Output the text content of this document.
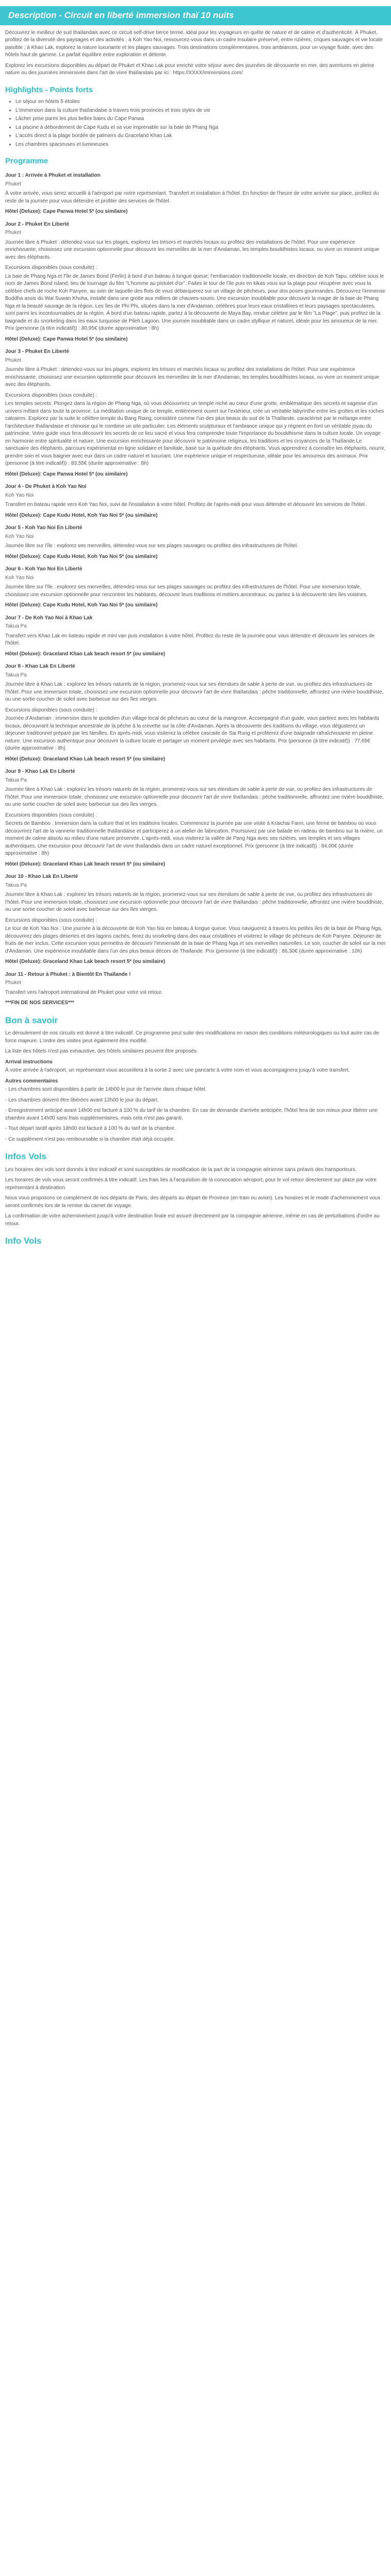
Description - Circuit en liberté immersion thaï 10 nuits

Découvrez le meilleur de sud thaïlandais avec ce circuit self-drive tierce terme, idéal pour les voyageurs en quête de nature et de calme et d'authenticité. À Phuket, profitez de la diversité des paysages et des activités ; à Koh Yao Noi, ressourcez-vous dans un cadre insulaire préservé, entre rizières, criques sauvages et vie locale paisible ; à Khao Lak, explorez la nature luxuriante et les plages sauvages. Trois destinations complémentaires, trois ambiances, pour un voyage fluide, avec des hôtels haut de gamme. Le parfait équilibre entre exploration et détente.

Explorez les excursions disponibles au départ de Phuket et Khao Lak pour enrichir votre séjour avec des journées de découverte en mer, des aventures en pleine nature ou des journées immersives dans l'art de vivre thaïlandais par ici : https://XXXX/immersions.com/

Highlights - Points forts
• Le séjour en hôtels 5 étoiles
• L'immersion dans la culture thaïlandaise à travers trois provinces et trois styles de vie
• Lâcher prise parmi les plus belles baies du Cape Panwa
• La piscine à débordement de Cape Kudu et sa vue imprenable sur la baie de Phang Nga
• L'accès direct à la plage bordée de palmiers du Graceland Khao Lak
• Les chambres spacieuses et lumineuses
Programme
Jour 1 : Arrivée à Phuket et installation
Phuket

À votre arrivée, vous serez accueilli à l'aéroport par notre représentant. Transfert et installation à l'hôtel. En fonction de l'heure de votre arrivée sur place, profitez du reste de la journée pour vous détendre et profiter des services de l'hôtel.

Hôtel (Deluxe): Cape Panwa Hotel 5* (ou similaire)
Jour 2 - Phuket En Liberté
Phuket

Journée libre à Phuket : détendez-vous sur les plages, explorez les trésors et marchés locaux ou profitez des installations de l'hôtel. Pour une expérience enrichissante, choisissez une excursion optionnelle pour découvrir les merveilles de la mer d'Andaman, les temples bouddhistes locaux, ou vivre un moment unique avec des éléphants.

Excursions disponibles (sous conduite) :

La baie de Phang Nga et l'île de James Bond (Ferlin) à bord d'un bateau à longue queue; l'embarcation traditionnelle locale, en direction de Koh Tapu, célèbre sous le nom de James Bond Island, lieu de tournage du film "L'homme au pistolet d'or". Faites le tour de l'île puis en kikas vous sur la plage pour récupérer avec vous la célèbre chefs de roche Koh Panyee, au sein de laquelle des flots de vous débarquerez sur un village de pêcheurs, pour dos poses gourmandes. Découvrez l'immense Buddha assis du Wat Suwan Khuha, installé dans une grotte aux milliers de chauves-souris. Une excursion inoubliable pour découvrir la magie de la baie de Phang Nga et la beauté sauvage de la région. Les îles de Phi Phi, situées dans la mer d'Andaman, célèbres pour leurs eaux cristallines et leurs paysages spectaculaires, sont parmi les incontournables de la région. À bord d'un bateau rapide, partez à la découverte de Maya Bay, rendue célèbre par le film "La Plage", puis profitez de la baignade et du snorkeling dans les eaux turquoise de Pileh Lagoon. Une journée inoubliable dans un cadre idyllique et naturel, idéale pour les amoureux de la mer. Prix (personne (à titre indicatif)) : 80,95€ (durée approximative : 8h)

Hôtel (Deluxe): Cape Panwa Hotel 5* (ou similaire)
Jour 3 - Phuket En Liberté
Phuket

Journée libre à Phuket : détendez-vous sur les plages, explorez les trésors et marchés locaux ou profitez des installations de l'hôtel. Pour une expérience enrichissante, choisissez une excursion optionnelle pour découvrir les merveilles de la mer d'Andaman, les temples bouddhistes locaux, ou vivre un moment unique avec des éléphants.

Excursions disponibles (sous conduite) :

Les temples secrets: Plongez dans la région de Phang Nga, où vous découvrirez un temple niché au cœur d'une grotte, emblématique des secrets et sagesse d'un univers mêlant dans toute la province. La méditation unique de ce temple, entièrement ouvert sur l'extérieur, crée un véritable labyrinthe entre les grottes et les roches calcaires. Explorez par la suite le célèbre temple du Bang Riang, considéré comme l'un des plus beaux du sud de la Thaïlande, caractérisé par le mélange entre l'architecture thaïlandaise et chinoise qui le combine un site particulier. Les éléments sculpturaux et l'ambiance unique qui y règnent en font un véritable joyau du patrimoine. Votre guide vous fera découvrir les secrets de ce lieu sacré et vous fera comprendre toute l'importance du bouddhisme dans la culture locale. Un voyage en harmonie entre spiritualité et nature. Une excursion enrichissante pour découvrir le patrimoine religieux, les traditions et les croyances de la Thaïlande.Le sanctuaire des éléphants, parcours expérimental en ligne solidaire et familiale, basé sur la quiétude des éléphants. Vous apprendrez à connaître les éléphants, nourrir, prendre soin et vous baigner avec eux dans un cadre naturel et luxuriant. Une expérience unique et respectueuse, idéale pour les amoureux des animaux. Prix (personne (à titre indicatif)) : 83,55€ (durée approximative : 8h)

Hôtel (Deluxe): Cape Panwa Hotel 5* (ou similaire)
Jour 4 - De Phuket à Koh Yao Noi
Koh Yao Noi

Transfert en bateau rapide vers Koh Yao Noi, suivi de l'installation à votre hôtel. Profitez de l'après-midi pour vous détendre et découvrir les services de l'hôtel.

Hôtel (Deluxe): Cape Kudu Hotel, Koh Yao Noi 5* (ou similaire)
Jour 5 - Koh Yao Noi En Liberté
Koh Yao Noi

Journée libre sur l'île : explorez ses merveilles, détendez-vous sur ses plages sauvages ou profitez des infrastructures de l'hôtel.

Hôtel (Deluxe): Cape Kudu Hotel, Koh Yao Noi 5* (ou similaire)
Jour 6 - Koh Yao Noi En Liberté
Koh Yao Noi

Journée libre sur l'île : explorez ses merveilles, détendez-vous sur ses plages sauvages ou profitez des infrastructures de l'hôtel. Pour une immersion totale, choisissez une excursion optionnelle pour rencontrer les habitants, découvrir leurs traditions et métiers ancestraux, ou partez à la découverte des îles voisines.

Hôtel (Deluxe): Cape Kudu Hotel, Koh Yao Noi 5* (ou similaire)
Jour 7 - De Koh Yao Noi à Khao Lak
Takua Pa

Transfert vers Khao Lak en bateau rapide et mini van puis installation à votre hôtel. Profitez du reste de la journée pour vous détendre et découvrir les services de l'hôtel.

Hôtel (Deluxe): Graceland Khao Lak beach resort 5* (ou similaire)
Jour 8 - Khao Lak En Liberté
Takua Pa

Journée libre à Khao Lak : explorez les trésors naturels de la région, promenez-vous sur ses étendues de sable à perte de vue, ou profitez des infrastructures de l'hôtel. Pour une immersion totale, choisissez une excursion optionnelle pour découvrir l'art de vivre thaïlandais : pêche traditionnelle, affrontez une rivière bouddhiste, ou une sortie coucher de soleil avec barbecue sur des îles vierges.

Excursions disponibles (sous conduite) :

Journée d'Andaman : immersion dans le quotidien d'un village local de pêcheurs au cœur de la mangrove. Accompagné d'un guide, vous partirez avec les habitants locaux, découvrant la technique ancestrale de la pêche à la crevette sur la côte d'Andaman. Après la découverte des traditions du village, vous dégusterez un déjeuner traditionnel préparé par les familles. En après-midi, vous visiterez la célèbre cascade de Sai Rung et profiterez d'une baignade rafraîchissante en pleine nature. Une excursion authentique pour découvrir la culture locale et partager un moment privilégié avec ses habitants. Prix (personne (à titre indicatif)) : 77,65€ (durée approximative : 8h)

Hôtel (Deluxe): Graceland Khao Lak beach resort 5* (ou similaire)
Jour 9 - Khao Lak En Liberté
Takua Pa

Journée libre à Khao Lak : explorez les trésors naturels de la région, promenez-vous sur ses étendues de sable à perte de vue, ou profitez des infrastructures de l'hôtel. Pour une immersion totale, choisissez une excursion optionnelle pour découvrir l'art de vivre thaïlandais : pêche traditionnelle, affrontez une rivière bouddhiste, ou une sortie coucher de soleil avec barbecue sur des îles vierges.

Excursions disponibles (sous conduite) :

Secrets de Bamboo : Immersion dans la culture thaï et les traditions locales. Commencez la journée par une visite à Kraichai Farm, une ferme de bambou où vous découvrirez l'art de la vannerie traditionnelle thaïlandaise et participerez à un atelier de fabrication. Poursuivez par une balade en radeau de bambou sur la rivière, un moment de calme absolu au milieu d'une nature préservée. L'après-midi, vous visiterez la vallée de Pang Nga avec ses rizières, ses temples et ses villages authentiques. Une excursion pour découvrir l'art de vivre thaïlandais dans un cadre naturel exceptionnel. Prix (personne (à titre indicatif)) : 84,00€ (durée approximative : 8h)

Hôtel (Deluxe): Graceland Khao Lak beach resort 5* (ou similaire)
Jour 10 - Khao Lak En Liberté
Takua Pa

Journée libre à Khao Lak : explorez les trésors naturels de la région, promenez-vous sur ses étendues de sable à perte de vue, ou profitez des infrastructures de l'hôtel. Pour une immersion totale, choisissez une excursion optionnelle pour découvrir l'art de vivre thaïlandais : pêche traditionnelle, affrontez une rivière bouddhiste, ou une sortie coucher de soleil avec barbecue sur des îles vierges.

Excursions disponibles (sous conduite) :

Le tour de Koh Yao Noi : Une journée à la découverte de Koh Yao Noi en bateau à longue queue. Vous naviguerez à travers les petites îles de la baie de Phang Nga, découvrirez des plages désertes et des lagons cachés, ferez du snorkeling dans des eaux cristallines et visiterez le village de pêcheurs de Koh Panyee. Déjeuner de fruits de mer inclus. Cette excursion vous permettra de découvrir l'immensité de la baie de Phang Nga et ses merveilles naturelles. Le soir, coucher de soleil sur la mer d'Andaman. Une expérience inoubliable dans l'un des plus beaux décors de Thaïlande. Prix (personne (à titre indicatif)) : 86,30€ (durée approximative : 10h)

Hôtel (Deluxe): Graceland Khao Lak beach resort 5* (ou similaire)
Jour 11 - Retour à Phuket : à Bientôt En Thaïlande !
Phuket

Transfert vers l'aéroport international de Phuket pour votre vol retour.

***FIN DE NOS SERVICES***
Bon à savoir

Le déroulement de nos circuits est donné à titre indicatif. Ce programme peut subir des modifications en raison des conditions météorologiques ou tout autre cas de force majeure. L'ordre des visites peut également être modifié.

La liste des hôtels n'est pas exhaustive, des hôtels similaires peuvent être proposés.

Arrival instructions

À votre arrivée à l'aéroport, un représentant vous accueillera à la sortie 2 avec une pancarte à votre nom et vous accompagnera jusqu'à votre transfert.

Autres commentaires

- Les chambres sont disponibles à partir de 14h00 le jour de l'arrivée dans chaque hôtel.

- Les chambres doivent être libérées avant 12h00 le jour du départ.

- Enregistrement anticipé avant 14h00 est facturé à 100 % du tarif de la chambre. En cas de demande d'arrivée anticipée, l'hôtel fera de son mieux pour libérer une chambre avant 14h00 sans frais supplémentaires, mais cela n'est pas garanti.

- Tout départ tardif après 18h00 est facturé à 100 % du tarif de la chambre.

- Ce supplément n'est pas remboursable si la chambre était déjà occupée.

Infos Vols

Les horaires des vols sont donnés à titre indicatif et sont susceptibles de modification de la part de la compagnie aérienne sans préavis des transporteurs.

Les horaires de vols vous seront confirmés à titre indicatif. Les frais liés à l'acquisition de la convocation aéroport, pour le vol retour directement sur place par votre représentant à destination.

Nous vous proposons ce complément de nos départs de Paris, des départs au départ de Province (en train ou avion). Les horaires et le mode d'acheminement vous seront confirmés lors de la remise du carnet de voyage.

La confirmation de votre acheminement jusqu'à votre destination finale est assuré directement par la compagnie aérienne, même en cas de perturbations d'ordre au retour.

Info Vols
